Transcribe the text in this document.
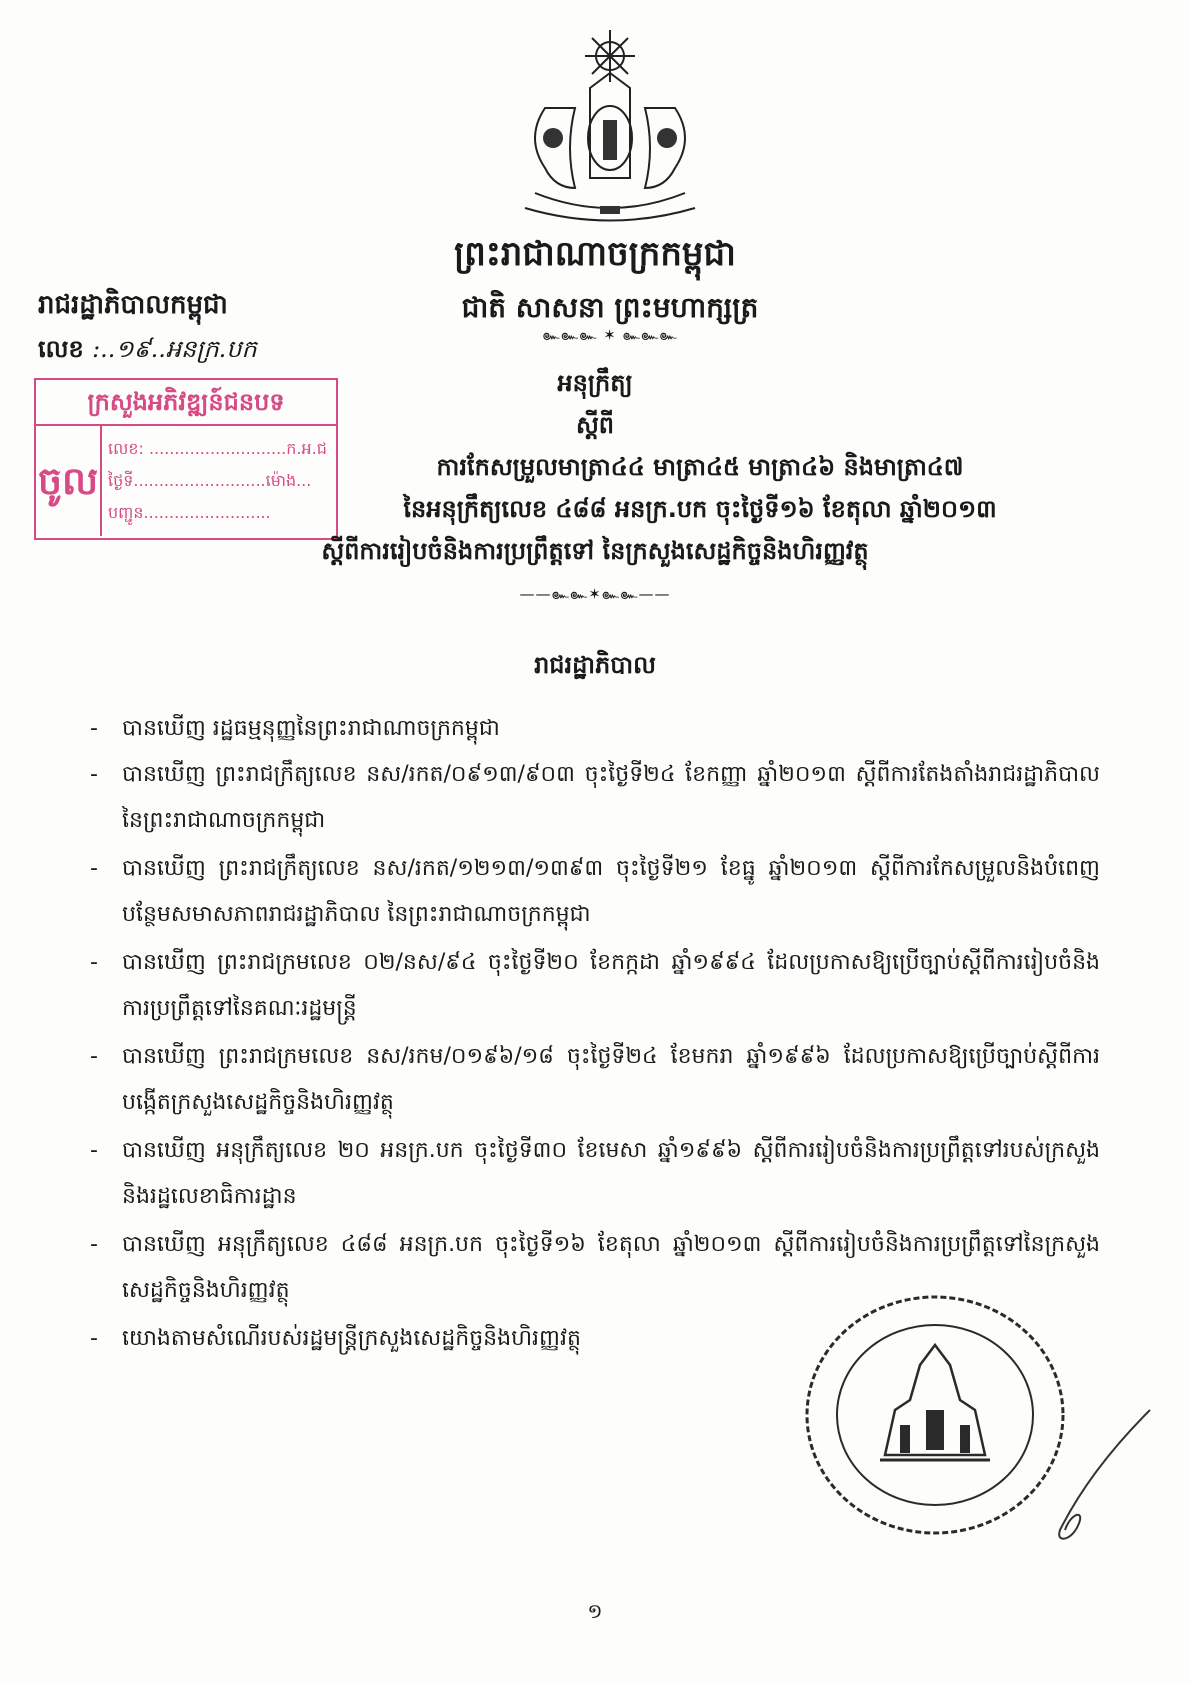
ព្រះរាជាណាចក្រកម្ពុជា
ជាតិ សាសនា ព្រះមហាក្សត្រ
๛๛๛ ✶ ๛๛๛
រាជរដ្ឋាភិបាលកម្ពុជា
លេខ :..១៩..អនក្រ.បក
ក្រសួងអភិវឌ្ឍន៍ជនបទ
ចូល
លេខ: ...........................ក.អ.ជ
ថ្ងៃទី..........................ម៉ោង...
បញ្ជូន.........................
អនុក្រឹត្យ
ស្តីពី
ការកែសម្រួលមាត្រា៤៤ មាត្រា៤៥ មាត្រា៤៦ និងមាត្រា៤៧
នៃអនុក្រឹត្យលេខ ៤៨៨ អនក្រ.បក ចុះថ្ងៃទី១៦ ខែតុលា ឆ្នាំ២០១៣
ស្តីពីការរៀបចំនិងការប្រព្រឹត្តទៅ នៃក្រសួងសេដ្ឋកិច្ចនិងហិរញ្ញវត្ថុ
——๛๛✶๛๛——
រាជរដ្ឋាភិបាល
- បានឃើញ រដ្ឋធម្មនុញ្ញនៃព្រះរាជាណាចក្រកម្ពុជា
- បានឃើញ ព្រះរាជក្រឹត្យលេខ នស/រកត/០៩១៣/៩០៣ ចុះថ្ងៃទី២៤ ខែកញ្ញា ឆ្នាំ២០១៣ ស្តីពីការតែងតាំងរាជរដ្ឋាភិបាល នៃព្រះរាជាណាចក្រកម្ពុជា
- បានឃើញ ព្រះរាជក្រឹត្យលេខ នស/រកត/១២១៣/១៣៩៣ ចុះថ្ងៃទី២១ ខែធ្នូ ឆ្នាំ២០១៣ ស្តីពីការកែសម្រួលនិងបំពេញបន្ថែមសមាសភាពរាជរដ្ឋាភិបាល នៃព្រះរាជាណាចក្រកម្ពុជា
- បានឃើញ ព្រះរាជក្រមលេខ ០២/នស/៩៤ ចុះថ្ងៃទី២០ ខែកក្កដា ឆ្នាំ១៩៩៤ ដែលប្រកាសឱ្យប្រើច្បាប់ស្តីពីការរៀបចំនិងការប្រព្រឹត្តទៅនៃគណៈរដ្ឋមន្ត្រី
- បានឃើញ ព្រះរាជក្រមលេខ នស/រកម/០១៩៦/១៨ ចុះថ្ងៃទី២៤ ខែមករា ឆ្នាំ១៩៩៦ ដែលប្រកាសឱ្យប្រើច្បាប់ស្តីពីការបង្កើតក្រសួងសេដ្ឋកិច្ចនិងហិរញ្ញវត្ថុ
- បានឃើញ អនុក្រឹត្យលេខ ២០ អនក្រ.បក ចុះថ្ងៃទី៣០ ខែមេសា ឆ្នាំ១៩៩៦ ស្តីពីការរៀបចំនិងការប្រព្រឹត្តទៅរបស់ក្រសួងនិងរដ្ឋលេខាធិការដ្ឋាន
- បានឃើញ អនុក្រឹត្យលេខ ៤៨៨ អនក្រ.បក ចុះថ្ងៃទី១៦ ខែតុលា ឆ្នាំ២០១៣ ស្តីពីការរៀបចំនិងការប្រព្រឹត្តទៅនៃក្រសួងសេដ្ឋកិច្ចនិងហិរញ្ញវត្ថុ
- យោងតាមសំណើរបស់រដ្ឋមន្ត្រីក្រសួងសេដ្ឋកិច្ចនិងហិរញ្ញវត្ថុ
១
